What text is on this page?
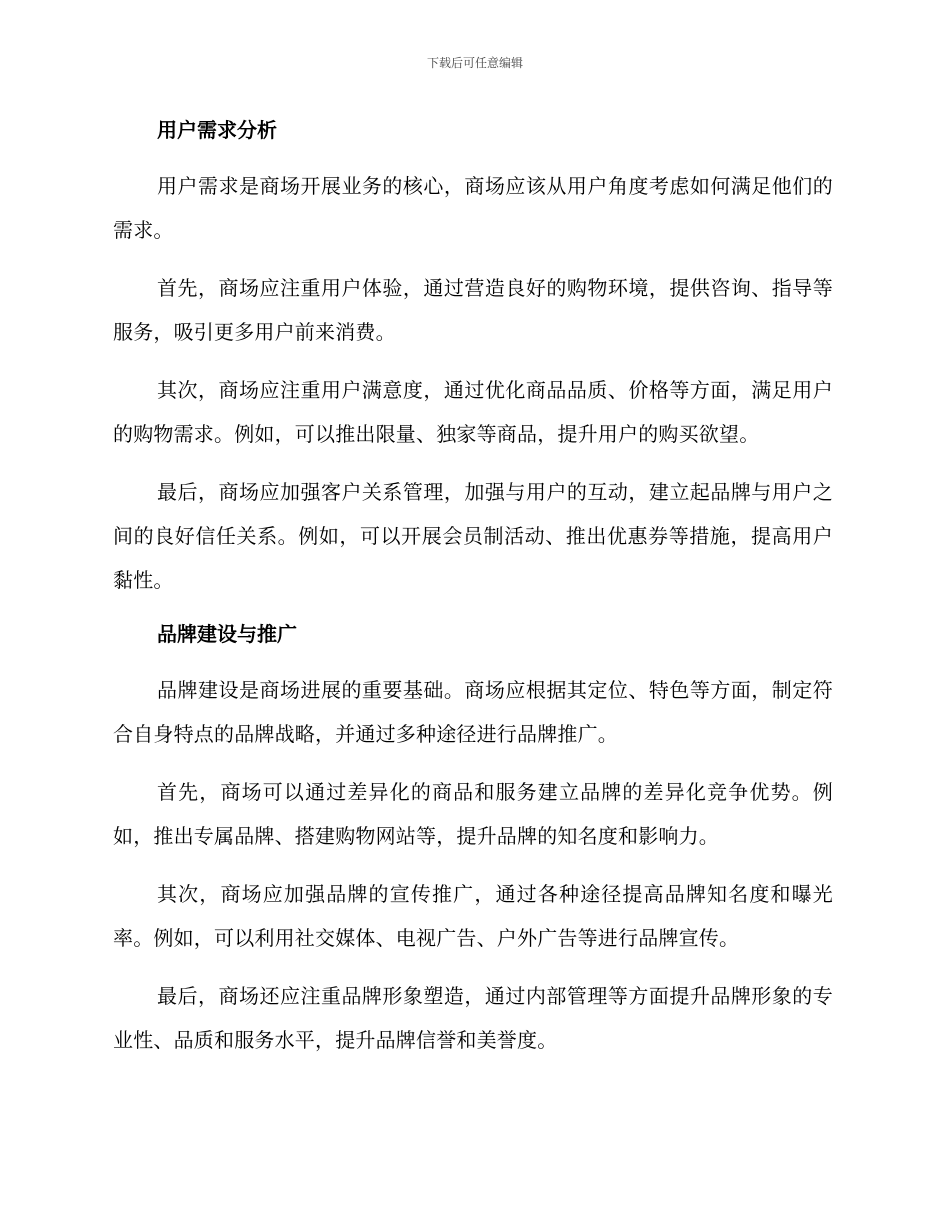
下载后可任意编辑
用户需求分析

用户需求是商场开展业务的核心，商场应该从用户角度考虑如何满足他们的需求。

首先，商场应注重用户体验，通过营造良好的购物环境，提供咨询、指导等服务，吸引更多用户前来消费。

其次，商场应注重用户满意度，通过优化商品品质、价格等方面，满足用户的购物需求。例如，可以推出限量、独家等商品，提升用户的购买欲望。

最后，商场应加强客户关系管理，加强与用户的互动，建立起品牌与用户之间的良好信任关系。例如，可以开展会员制活动、推出优惠券等措施，提高用户黏性。

品牌建设与推广

品牌建设是商场进展的重要基础。商场应根据其定位、特色等方面，制定符合自身特点的品牌战略，并通过多种途径进行品牌推广。

首先，商场可以通过差异化的商品和服务建立品牌的差异化竞争优势。例如，推出专属品牌、搭建购物网站等，提升品牌的知名度和影响力。

其次，商场应加强品牌的宣传推广，通过各种途径提高品牌知名度和曝光率。例如，可以利用社交媒体、电视广告、户外广告等进行品牌宣传。

最后，商场还应注重品牌形象塑造，通过内部管理等方面提升品牌形象的专业性、品质和服务水平，提升品牌信誉和美誉度。
